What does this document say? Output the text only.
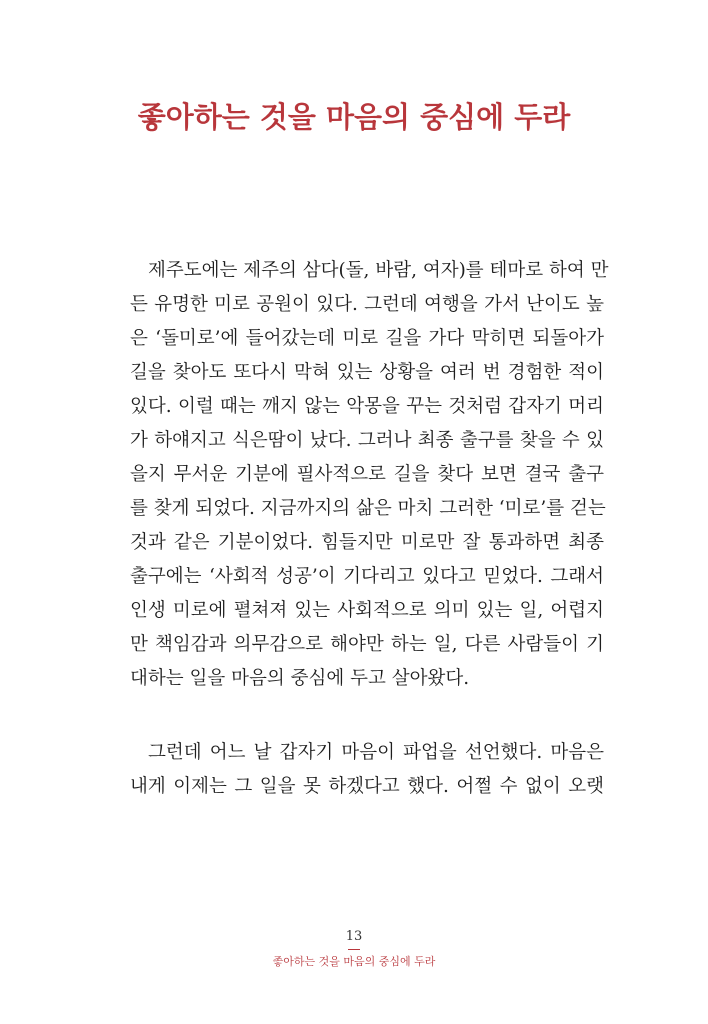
좋아하는 것을 마음의 중심에 두라

제주도에는 제주의 삼다(돌, 바람, 여자)를 테마로 하여 만
든 유명한 미로 공원이 있다. 그런데 여행을 가서 난이도 높
은 ‘돌미로’에 들어갔는데 미로 길을 가다 막히면 되돌아가
길을 찾아도 또다시 막혀 있는 상황을 여러 번 경험한 적이
있다. 이럴 때는 깨지 않는 악몽을 꾸는 것처럼 갑자기 머리
가 하얘지고 식은땀이 났다. 그러나 최종 출구를 찾을 수 있
을지 무서운 기분에 필사적으로 길을 찾다 보면 결국 출구
를 찾게 되었다. 지금까지의 삶은 마치 그러한 ‘미로’를 걷는
것과 같은 기분이었다. 힘들지만 미로만 잘 통과하면 최종
출구에는 ‘사회적 성공’이 기다리고 있다고 믿었다. 그래서
인생 미로에 펼쳐져 있는 사회적으로 의미 있는 일, 어렵지
만 책임감과 의무감으로 해야만 하는 일, 다른 사람들이 기
대하는 일을 마음의 중심에 두고 살아왔다.

그런데 어느 날 갑자기 마음이 파업을 선언했다. 마음은
내게 이제는 그 일을 못 하겠다고 했다. 어쩔 수 없이 오랫

13
좋아하는 것을 마음의 중심에 두라
